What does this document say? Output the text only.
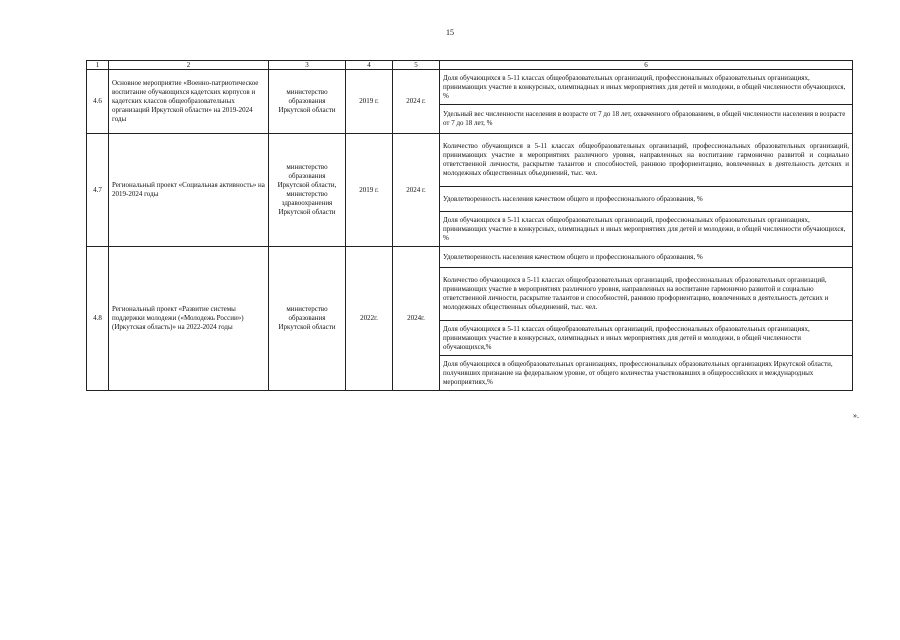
15
1	2	3	4	5	6
4.6	Основное мероприятие «Военно-патриотическое воспитание обучающихся кадетских корпусов и кадетских классов общеобразовательных организаций Иркутской области» на 2019-2024 годы	министерство образования Иркутской области	2019 г.	2024 г.	Доля обучающихся в 5-11 классах общеобразовательных организаций, профессиональных образовательных организациях, принимающих участие в конкурсных, олимпиадных и иных мероприятиях для детей и молодежи, в общей численности обучающихся, %
					Удельный вес численности населения в возрасте от 7 до 18 лет, охваченного образованием, в общей численности населения в возрасте от 7 до 18 лет, %
4.7	Региональный проект «Социальная активность» на 2019-2024 годы	министерство образования Иркутской области, министерство здравоохранения Иркутской области	2019 г.	2024 г.	Количество обучающихся в 5-11 классах общеобразовательных организаций, профессиональных образовательных организаций, принимающих участие в мероприятиях различного уровня, направленных на воспитание гармонично развитой и социально ответственной личности, раскрытие талантов и способностей, раннюю профориентацию, вовлеченных в деятельность детских и молодежных общественных объединений, тыс. чел.
					Удовлетворенность населения качеством общего и профессионального образования, %
					Доля обучающихся в 5-11 классах общеобразовательных организаций, профессиональных образовательных организациях, принимающих участие в конкурсных, олимпиадных и иных мероприятиях для детей и молодежи, в общей численности обучающихся, %
4.8	Региональный проект «Развитие системы поддержки молодежи («Молодежь России») (Иркутская область)» на 2022-2024 годы	министерство образования Иркутской области	2022г.	2024г.	Удовлетворенность населения качеством общего и профессионального образования, %
					Количество обучающихся в 5-11 классах общеобразовательных организаций, профессиональных образовательных организаций, принимающих участие в мероприятиях различного уровня, направленных на воспитание гармонично развитой и социально ответственной личности, раскрытие талантов и способностей, раннюю профориентацию, вовлеченных в деятельность детских и молодежных общественных объединений, тыс. чел.
					Доля обучающихся в 5-11 классах общеобразовательных организаций, профессиональных образовательных организациях, принимающих участие в конкурсных, олимпиадных и иных мероприятиях для детей и молодежи, в общей численности обучающихся,%
					Доля обучающихся в общеобразовательных организациях, профессиональных образовательных организациях Иркутской области, получивших признание на федеральном уровне, от общего количества участвовавших в общероссийских и международных мероприятиях,%
».
